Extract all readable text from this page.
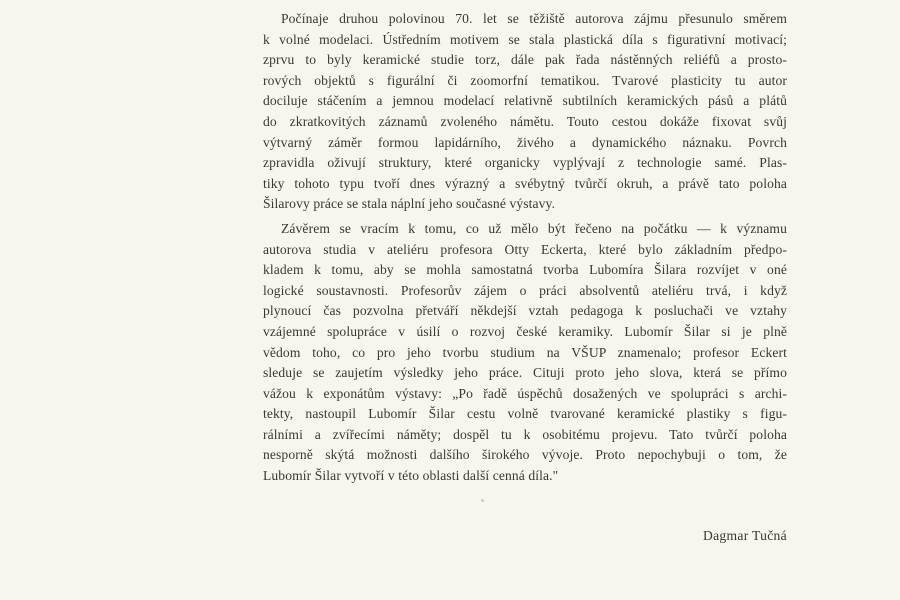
Počínaje druhou polovinou 70. let se těžiště autorova zájmu přesunulo směrem
k volné modelaci. Ústředním motivem se stala plastická díla s figurativní motivací;
zprvu to byly keramické studie torz, dále pak řada nástěnných reliéfů a prosto-
rových objektů s figurální či zoomorfní tematikou. Tvarové plasticity tu autor
dociluje stáčením a jemnou modelací relativně subtilních keramických pásů a plátů
do zkratkovitých záznamů zvoleného námětu. Touto cestou dokáže fixovat svůj
výtvarný záměr formou lapidárního, živého a dynamického náznaku. Povrch
zpravidla oživují struktury, které organicky vyplývají z technologie samé. Plas-
tiky tohoto typu tvoří dnes výrazný a svébytný tvůrčí okruh, a právě tato poloha
Šilarovy práce se stala náplní jeho současné výstavy.
Závěrem se vracím k tomu, co už mělo být řečeno na počátku — k významu
autorova studia v ateliéru profesora Otty Eckerta, které bylo základním předpo-
kladem k tomu, aby se mohla samostatná tvorba Lubomíra Šilara rozvíjet v oné
logické soustavnosti. Profesorův zájem o práci absolventů ateliéru trvá, i když
plynoucí čas pozvolna přetváří někdejší vztah pedagoga k posluchači ve vztahy
vzájemné spolupráce v úsilí o rozvoj české keramiky. Lubomír Šilar si je plně
vědom toho, co pro jeho tvorbu studium na VŠUP znamenalo; profesor Eckert
sleduje se zaujetím výsledky jeho práce. Cituji proto jeho slova, která se přímo
vážou k exponátům výstavy: „Po řadě úspěchů dosažených ve spolupráci s archi-
tekty, nastoupil Lubomír Šilar cestu volně tvarované keramické plastiky s figu-
rálními a zvířecími náměty; dospěl tu k osobitému projevu. Tato tvůrčí poloha
nesporně skýtá možnosti dalšího širokého vývoje. Proto nepochybuji o tom, že
Lubomír Šilar vytvoří v této oblasti další cenná díla."
Dagmar Tučná
